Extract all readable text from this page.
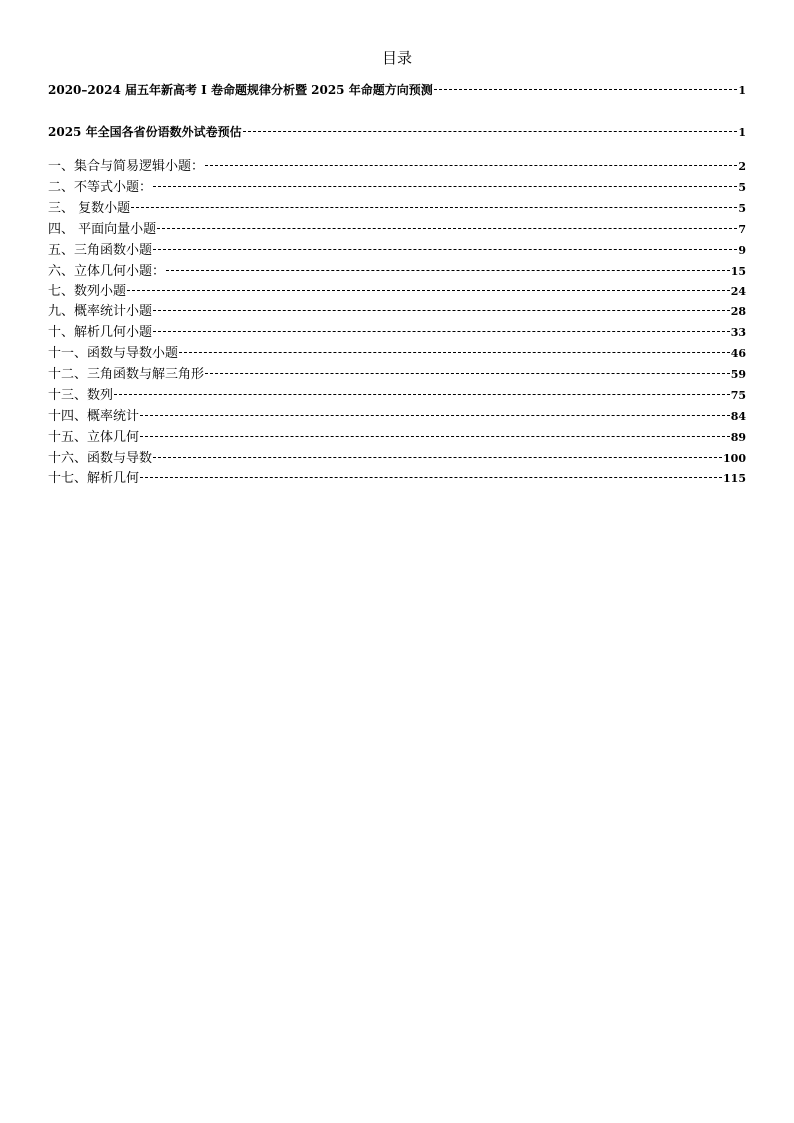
目录
2020–2024 届五年新高考 I 卷命题规律分析暨 2025 年命题方向预测	1
2025 年全国各省份语数外试卷预估	1
一、集合与简易逻辑小题：	2
二、不等式小题：	5
三、 复数小题	5
四、 平面向量小题	7
五、三角函数小题	9
六、立体几何小题：	15
七、数列小题	24
九、概率统计小题	28
十、解析几何小题	33
十一、函数与导数小题	46
十二、三角函数与解三角形	59
十三、数列	75
十四、概率统计	84
十五、立体几何	89
十六、函数与导数	100
十七、解析几何	115
